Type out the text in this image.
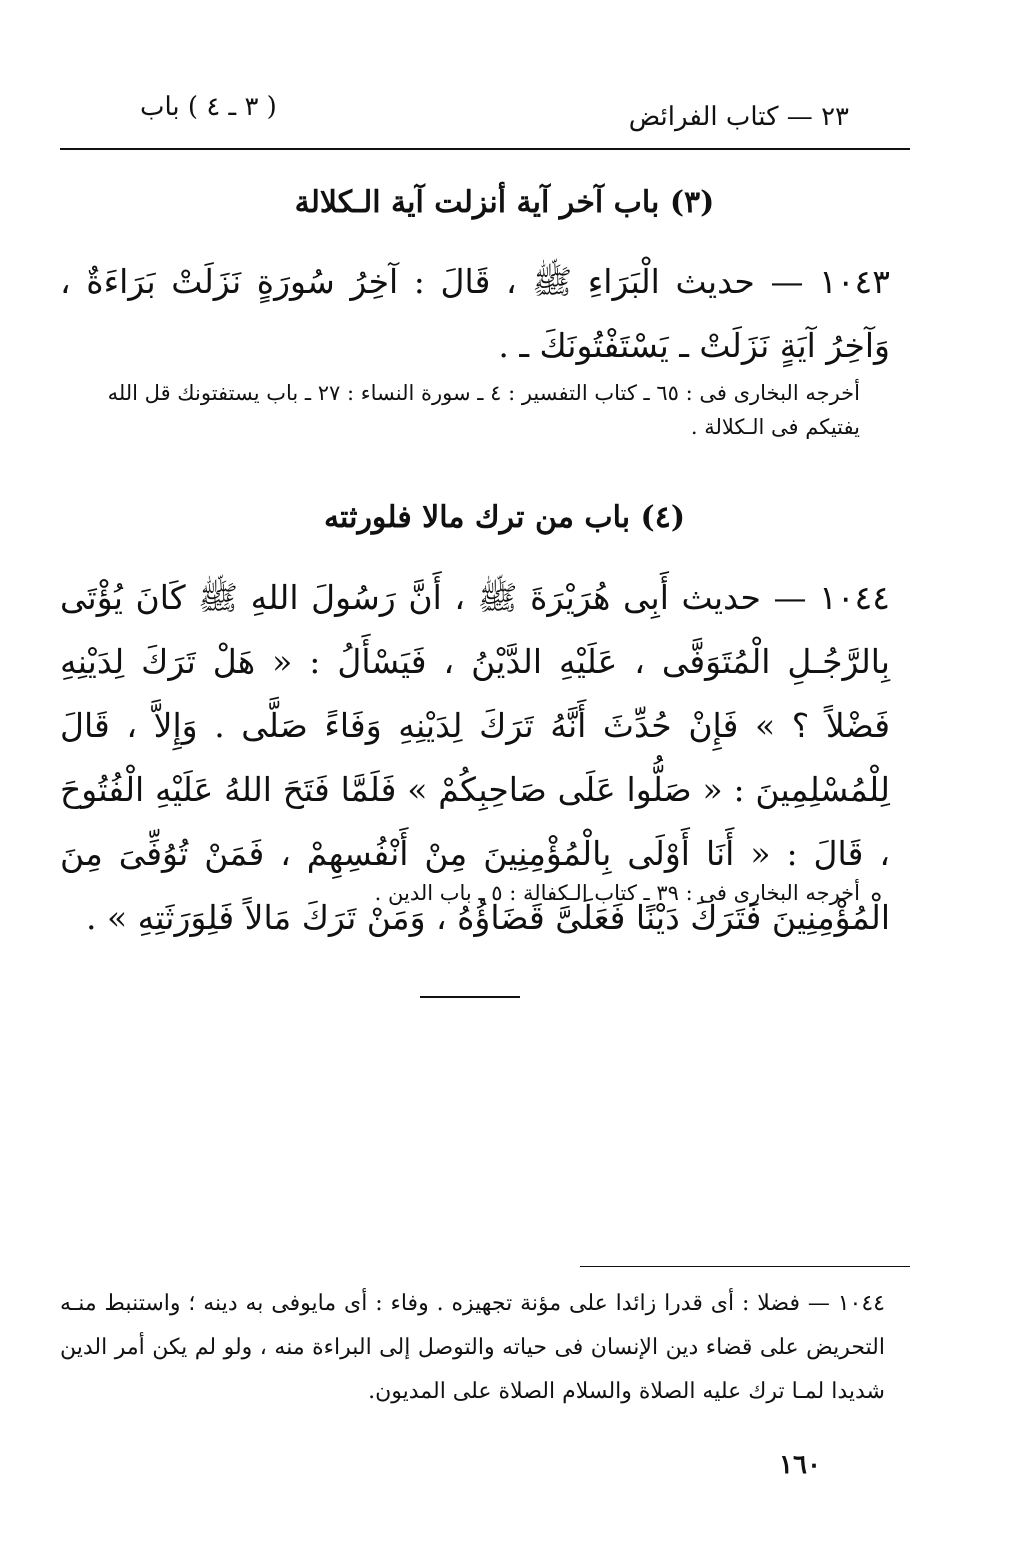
( ٣ ـ ٤ ) باب	٢٣ — كتاب الفرائض
(٣) باب آخر آية أنزلت آية الـكلالة
١٠٤٣ — حديث الْبَرَاءِ ﷺ ، قَالَ : آخِرُ سُورَةٍ نَزَلَتْ بَرَاءَةٌ ، وَآخِرُ آيَةٍ نَزَلَتْ ـ يَسْتَفْتُونَكَ ـ .
أخرجه البخارى فى : ٦٥ ـ كتاب التفسير : ٤ ـ سورة النساء : ٢٧ ـ باب يستفتونك قل الله يفتيكم فى الـكلالة .
(٤) باب من ترك مالا فلورثته
١٠٤٤ — حديث أَبِى هُرَيْرَةَ ﷺ ، أَنَّ رَسُولَ اللهِ ﷺ كَانَ يُؤْتَى بِالرَّجُـلِ الْمُتَوَفَّى ، عَلَيْهِ الدَّيْنُ ، فَيَسْأَلُ : « هَلْ تَرَكَ لِدَيْنِهِ فَضْلاً ؟ » فَإِنْ حُدِّثَ أَنَّهُ تَرَكَ لِدَيْنِهِ وَفَاءً صَلَّى . وَإِلاَّ ، قَالَ لِلْمُسْلِمِينَ : « صَلُّوا عَلَى صَاحِبِكُمْ » فَلَمَّا فَتَحَ اللهُ عَلَيْهِ الْفُتُوحَ ، قَالَ : « أَنَا أَوْلَى بِالْمُؤْمِنِينَ مِنْ أَنْفُسِهِمْ ، فَمَنْ تُوُفِّىَ مِنَ الْمُؤْمِنِينَ فَتَرَكَ دَيْنًا فَعَلَىَّ قَضَاؤُهُ ، وَمَنْ تَرَكَ مَالاً فَلِوَرَثَتِهِ » .
أخرجه البخارى فى : ٣٩ ـ كتاب الـكفالة : ٥ ـ باب الدين .
١٠٤٤ — فضلا : أى قدرا زائدا على مؤنة تجهيزه . وفاء : أى مايوفى به دينه ؛ واستنبط منـه التحريض على قضاء دين الإنسان فى حياته والتوصل إلى البراءة منه ، ولو لم يكن أمر الدين شديدا لمـا ترك عليه الصلاة والسلام الصلاة على المديون.
١٦٠
